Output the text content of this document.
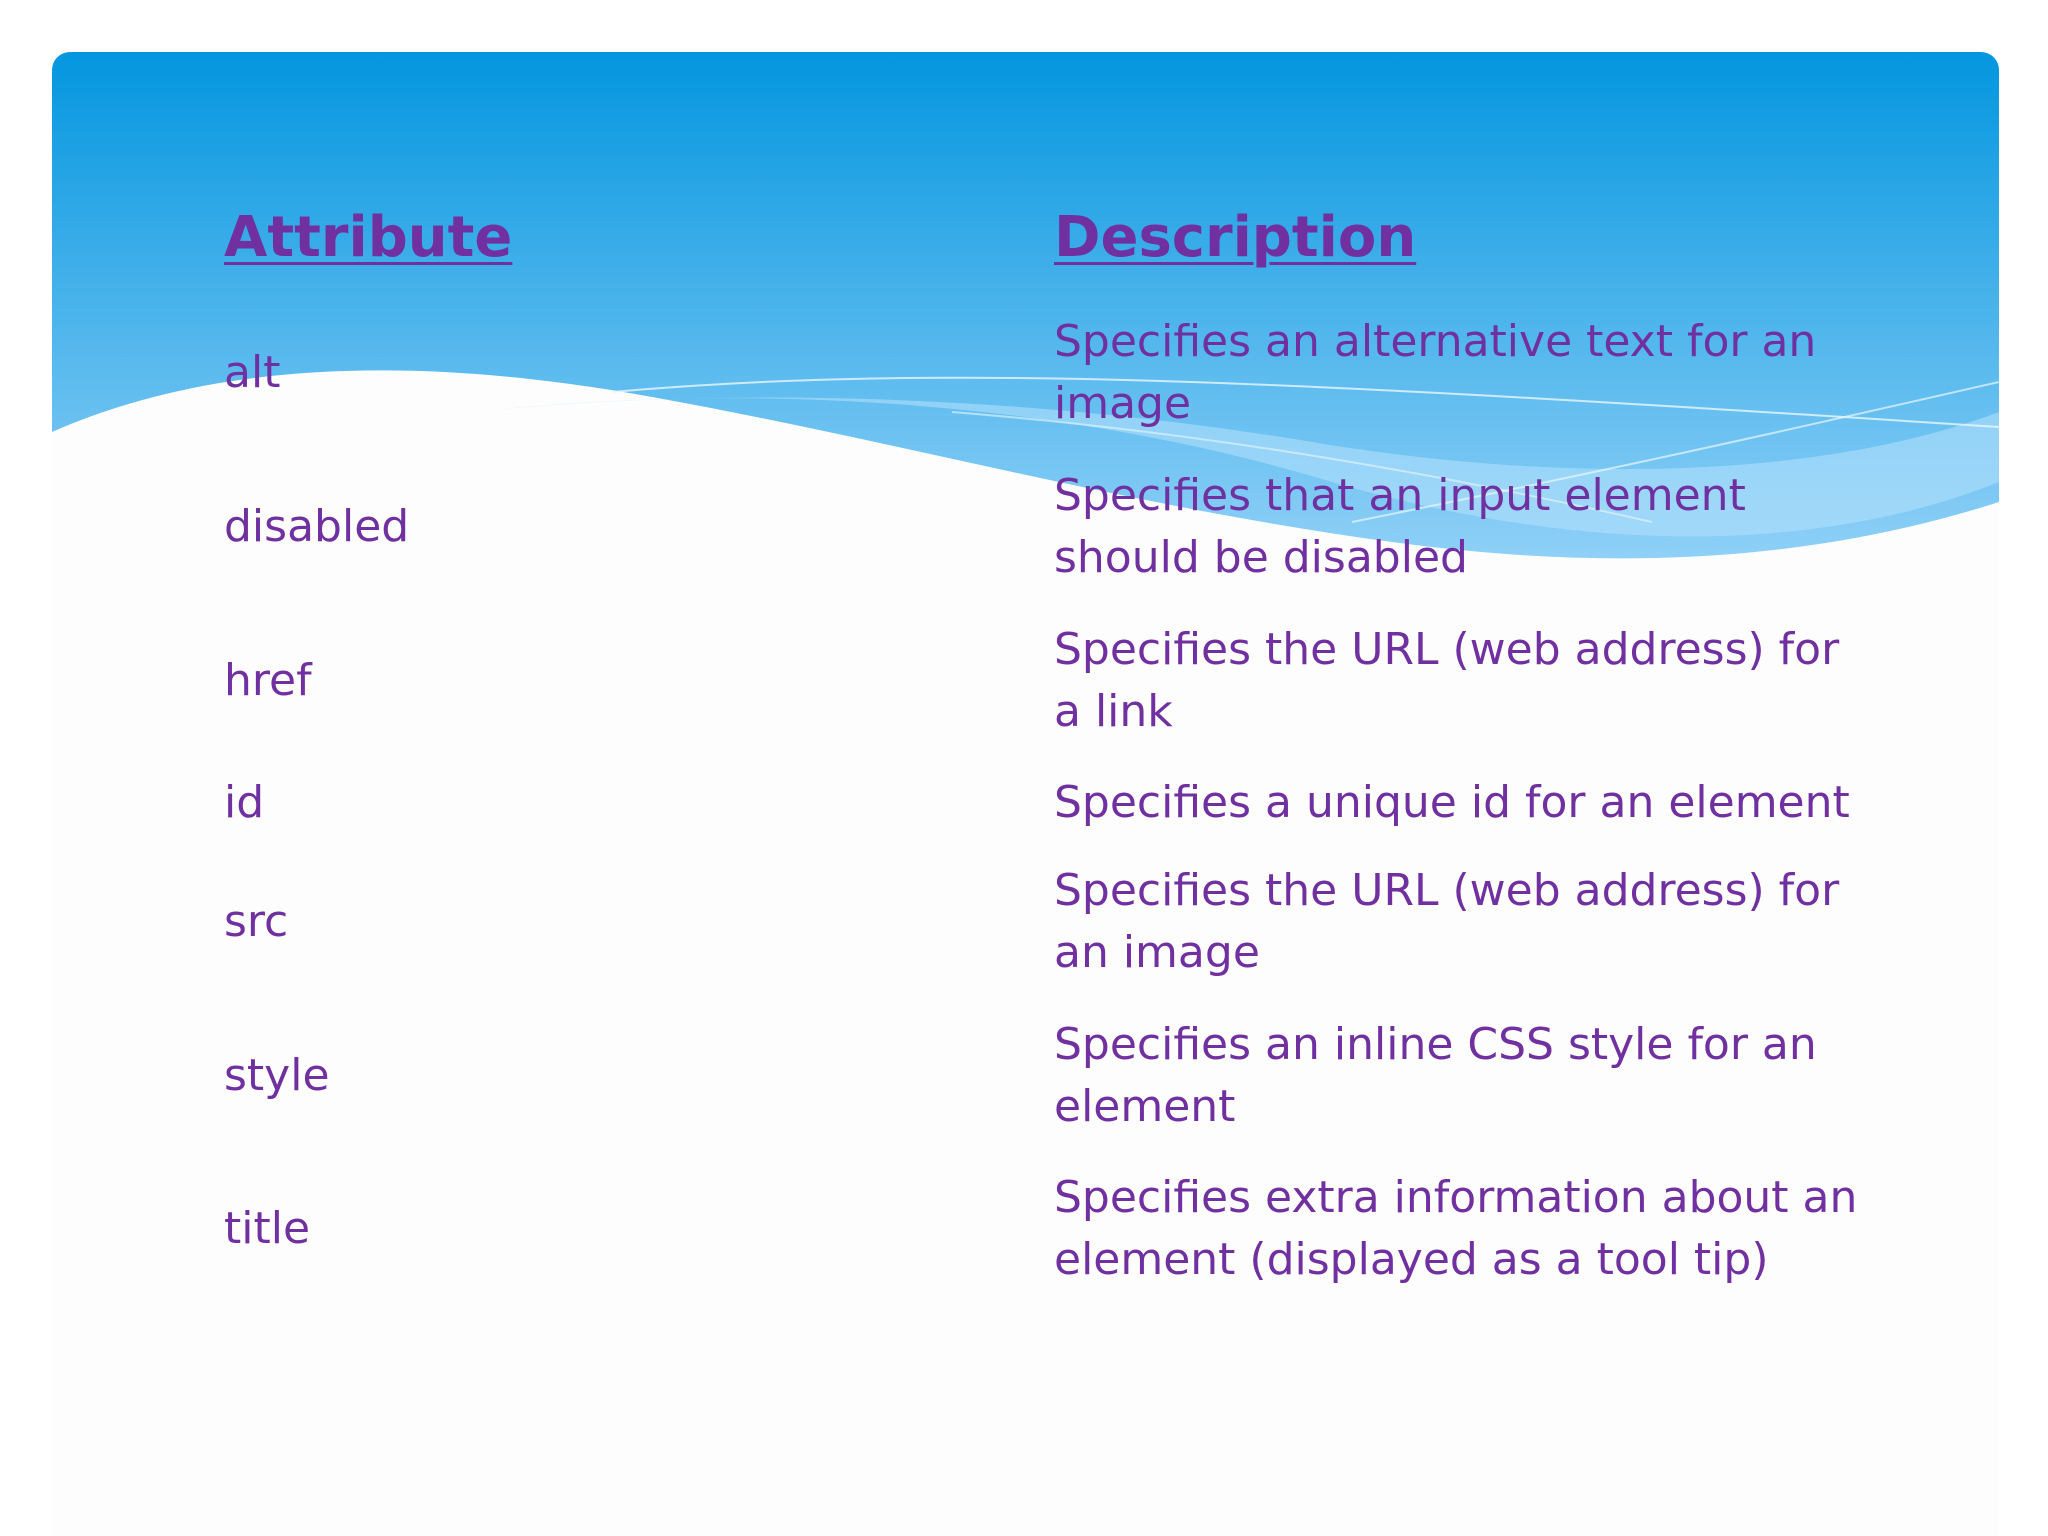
Attribute	Description
alt
Specifies an alternative text for an
image
disabled
Specifies that an input element
should be disabled
href
Specifies the URL (web address) for
a link
id	Specifies a unique id for an element
src
Specifies the URL (web address) for
an image
style
Specifies an inline CSS style for an
element
title
Specifies extra information about an
element (displayed as a tool tip)
